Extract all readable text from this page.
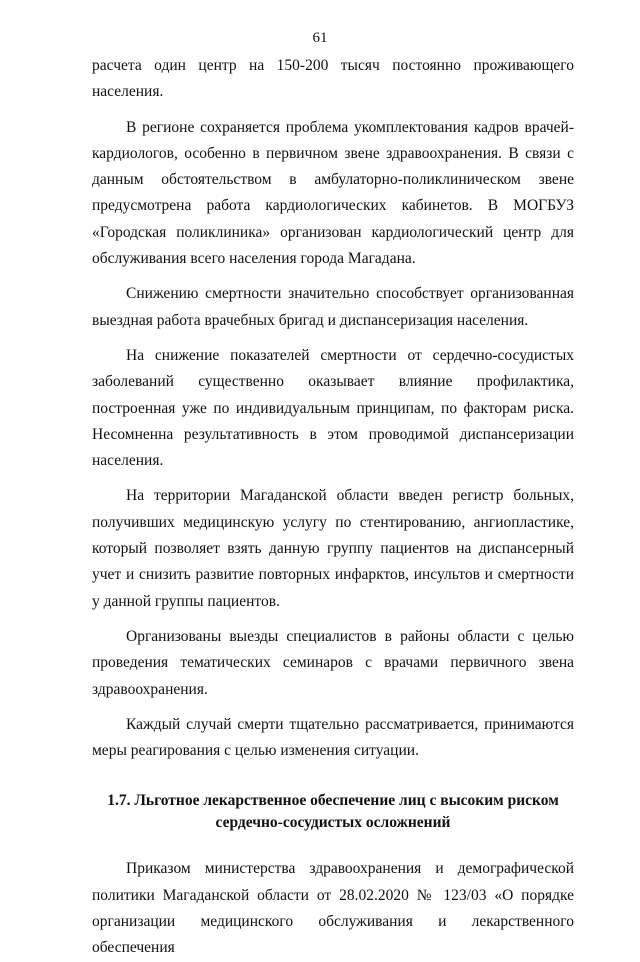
61

расчета один центр на 150-200 тысяч постоянно проживающего населения.

В регионе сохраняется проблема укомплектования кадров врачей-кардиологов, особенно в первичном звене здравоохранения. В связи с данным обстоятельством в амбулаторно-поликлиническом звене предусмотрена работа кардиологических кабинетов. В МОГБУЗ «Городская поликлиника» организован кардиологический центр для обслуживания всего населения города Магадана.

Снижению смертности значительно способствует организованная выездная работа врачебных бригад и диспансеризация населения.

На снижение показателей смертности от сердечно-сосудистых заболеваний существенно оказывает влияние профилактика, построенная уже по индивидуальным принципам, по факторам риска. Несомненна результативность в этом проводимой диспансеризации населения.

На территории Магаданской области введен регистр больных, получивших медицинскую услугу по стентированию, ангиопластике, который позволяет взять данную группу пациентов на диспансерный учет и снизить развитие повторных инфарктов, инсультов и смертности у данной группы пациентов.

Организованы выезды специалистов в районы области с целью проведения тематических семинаров с врачами первичного звена здравоохранения.

Каждый случай смерти тщательно рассматривается, принимаются меры реагирования с целью изменения ситуации.

1.7. Льготное лекарственное обеспечение лиц с высоким риском
сердечно-сосудистых осложнений

Приказом министерства здравоохранения и демографической политики Магаданской области от 28.02.2020 № 123/03 «О порядке организации медицинского обслуживания и лекарственного обеспечения
